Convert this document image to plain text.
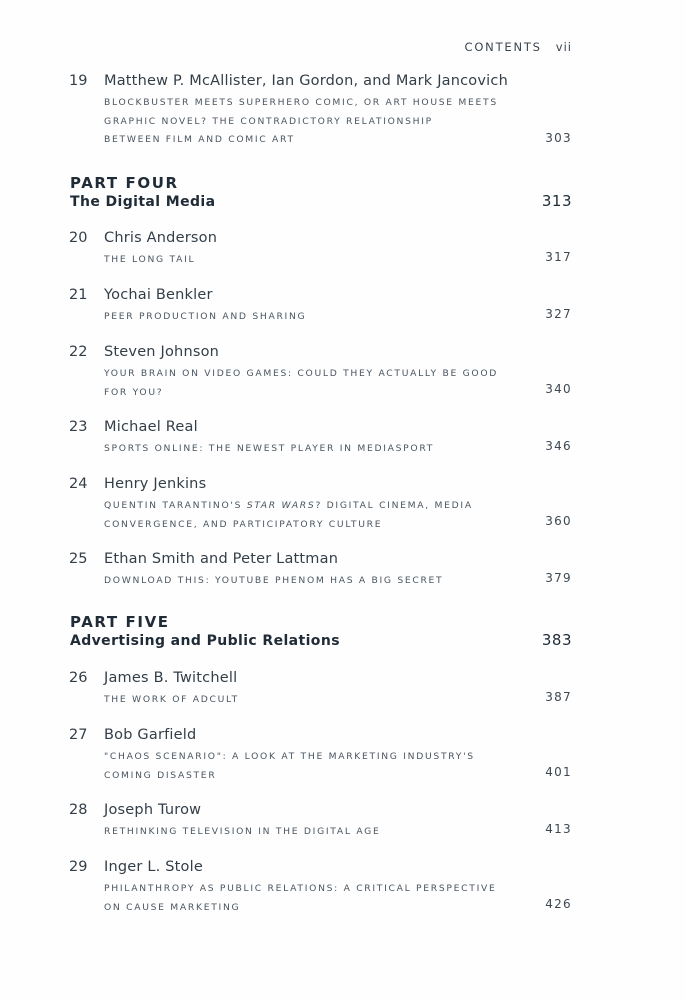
CONTENTS vii
19 Matthew P. McAllister, Ian Gordon, and Mark Jancovich
BLOCKBUSTER MEETS SUPERHERO COMIC, OR ART HOUSE MEETS
GRAPHIC NOVEL? THE CONTRADICTORY RELATIONSHIP
BETWEEN FILM AND COMIC ART	303
PART FOUR
The Digital Media	313
20 Chris Anderson
THE LONG TAIL	317
21 Yochai Benkler
PEER PRODUCTION AND SHARING	327
22 Steven Johnson
YOUR BRAIN ON VIDEO GAMES: COULD THEY ACTUALLY BE GOOD
FOR YOU?	340
23 Michael Real
SPORTS ONLINE: THE NEWEST PLAYER IN MEDIASPORT	346
24 Henry Jenkins
QUENTIN TARANTINO'S STAR WARS? DIGITAL CINEMA, MEDIA
CONVERGENCE, AND PARTICIPATORY CULTURE	360
25 Ethan Smith and Peter Lattman
DOWNLOAD THIS: YOUTUBE PHENOM HAS A BIG SECRET	379
PART FIVE
Advertising and Public Relations	383
26 James B. Twitchell
THE WORK OF ADCULT	387
27 Bob Garfield
"CHAOS SCENARIO": A LOOK AT THE MARKETING INDUSTRY'S
COMING DISASTER	401
28 Joseph Turow
RETHINKING TELEVISION IN THE DIGITAL AGE	413
29 Inger L. Stole
PHILANTHROPY AS PUBLIC RELATIONS: A CRITICAL PERSPECTIVE
ON CAUSE MARKETING	426
